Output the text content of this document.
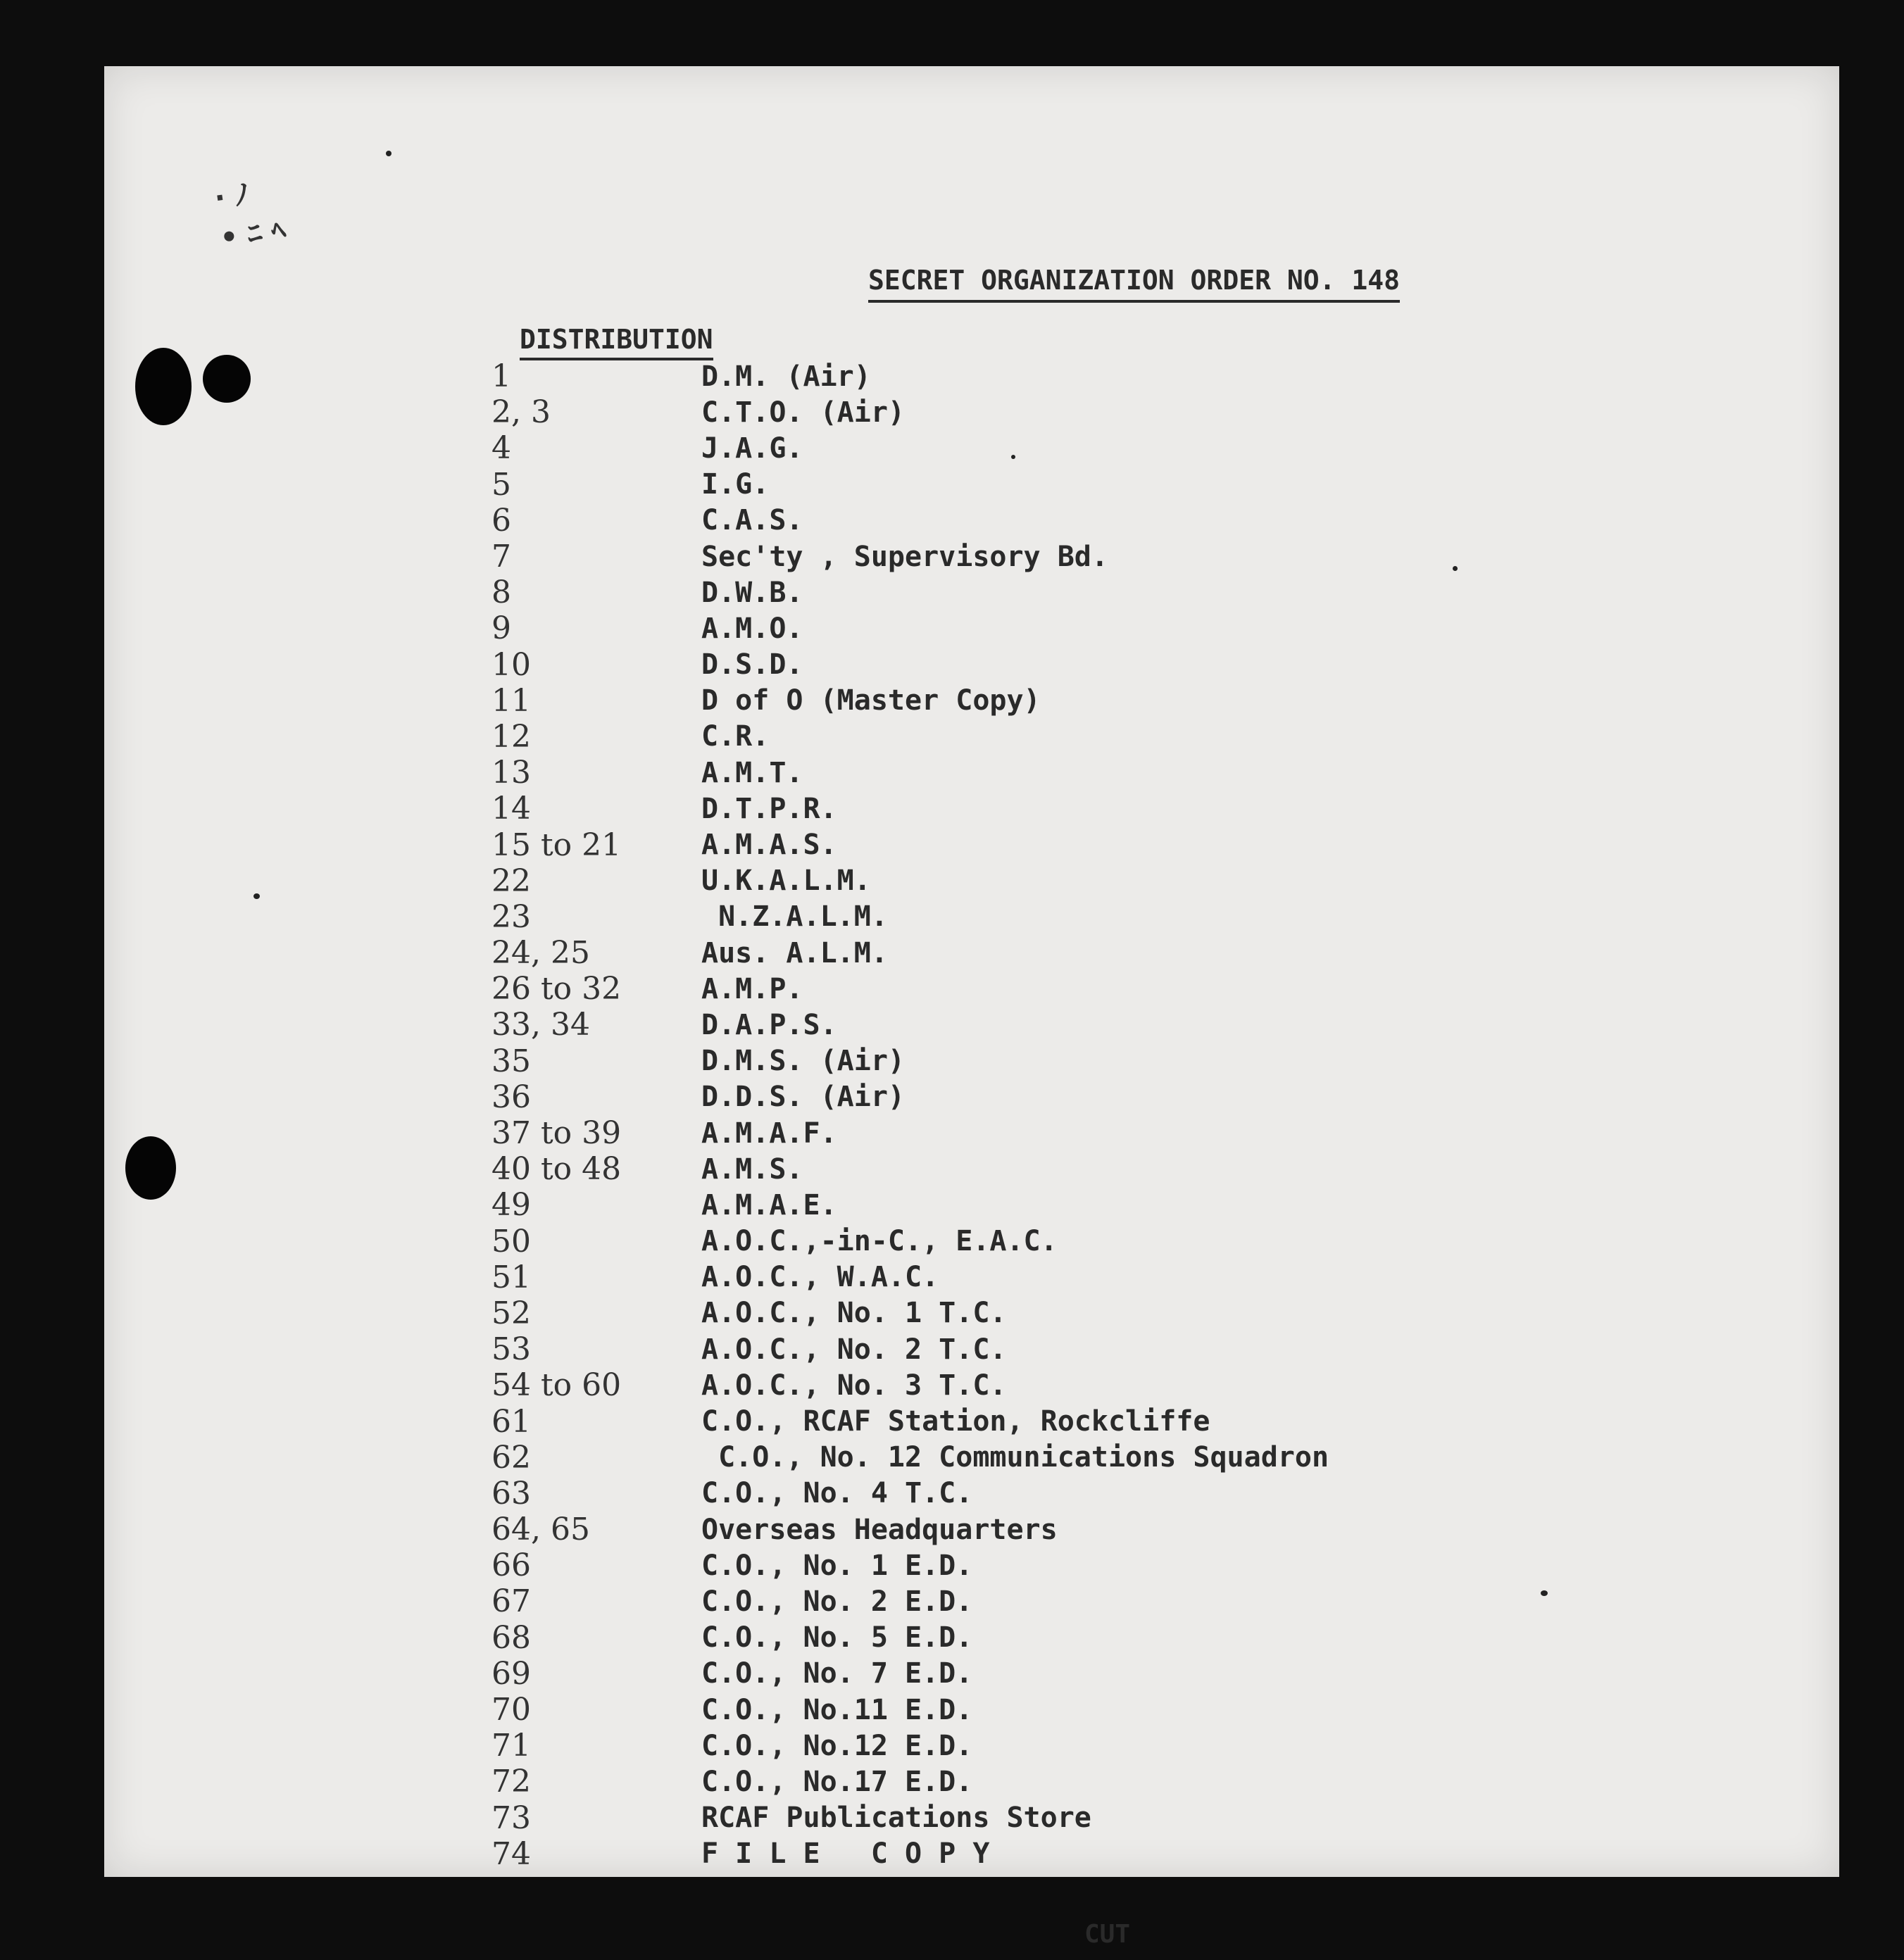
· ﾉ
• ﾆ ﾍ
SECRET ORGANIZATION ORDER NO. 148
DISTRIBUTION
1	D.M. (Air)
2, 3	C.T.O. (Air)
4	J.A.G.
5	I.G.
6	C.A.S.
7	Sec'ty , Supervisory Bd.
8	D.W.B.
9	A.M.O.
10	D.S.D.
11	D of O (Master Copy)
12	C.R.
13	A.M.T.
14	D.T.P.R.
15 to 21	A.M.A.S.
22	U.K.A.L.M.
23	N.Z.A.L.M.
24, 25	Aus. A.L.M.
26 to 32	A.M.P.
33, 34	D.A.P.S.
35	D.M.S. (Air)
36	D.D.S. (Air)
37 to 39	A.M.A.F.
40 to 48	A.M.S.
49	A.M.A.E.
50	A.O.C.,-in-C., E.A.C.
51	A.O.C., W.A.C.
52	A.O.C., No. 1 T.C.
53	A.O.C., No. 2 T.C.
54 to 60	A.O.C., No. 3 T.C.
61	C.O., RCAF Station, Rockcliffe
62	C.O., No. 12 Communications Squadron
63	C.O., No. 4 T.C.
64, 65	Overseas Headquarters
66	C.O., No. 1 E.D.
67	C.O., No. 2 E.D.
68	C.O., No. 5 E.D.
69	C.O., No. 7 E.D.
70	C.O., No.11 E.D.
71	C.O., No.12 E.D.
72	C.O., No.17 E.D.
73	RCAF Publications Store
74	F I L E   C O P Y
CUT
